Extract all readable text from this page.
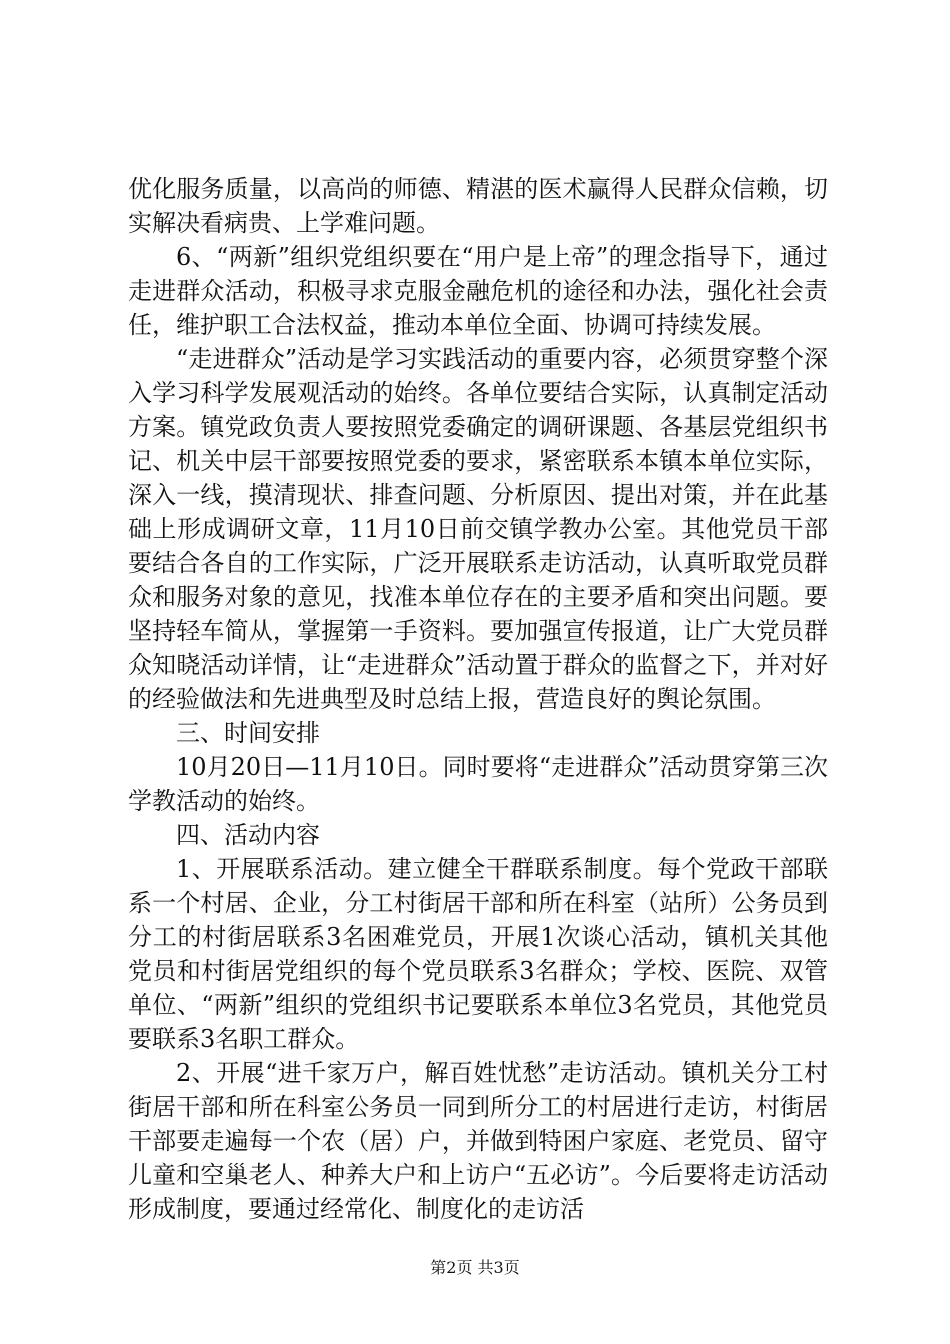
优化服务质量，以高尚的师德、精湛的医术赢得人民群众信赖，切实解决看病贵、上学难问题。

6、“两新”组织党组织要在“用户是上帝”的理念指导下，通过走进群众活动，积极寻求克服金融危机的途径和办法，强化社会责任，维护职工合法权益，推动本单位全面、协调可持续发展。

“走进群众”活动是学习实践活动的重要内容，必须贯穿整个深入学习科学发展观活动的始终。各单位要结合实际，认真制定活动方案。镇党政负责人要按照党委确定的调研课题、各基层党组织书记、机关中层干部要按照党委的要求，紧密联系本镇本单位实际，深入一线，摸清现状、排查问题、分析原因、提出对策，并在此基础上形成调研文章，11月10日前交镇学教办公室。其他党员干部要结合各自的工作实际，广泛开展联系走访活动，认真听取党员群众和服务对象的意见，找准本单位存在的主要矛盾和突出问题。要坚持轻车简从，掌握第一手资料。要加强宣传报道，让广大党员群众知晓活动详情，让“走进群众”活动置于群众的监督之下，并对好的经验做法和先进典型及时总结上报，营造良好的舆论氛围。

三、时间安排

10月20日—11月10日。同时要将“走进群众”活动贯穿第三次学教活动的始终。

四、活动内容

1、开展联系活动。建立健全干群联系制度。每个党政干部联系一个村居、企业，分工村街居干部和所在科室（站所）公务员到分工的村街居联系3名困难党员，开展1次谈心活动，镇机关其他党员和村街居党组织的每个党员联系3名群众；学校、医院、双管单位、“两新”组织的党组织书记要联系本单位3名党员，其他党员要联系3名职工群众。

2、开展“进千家万户，解百姓忧愁”走访活动。镇机关分工村街居干部和所在科室公务员一同到所分工的村居进行走访，村街居干部要走遍每一个农（居）户，并做到特困户家庭、老党员、留守儿童和空巢老人、种养大户和上访户“五必访”。今后要将走访活动形成制度，要通过经常化、制度化的走访活

第2页 共3页
